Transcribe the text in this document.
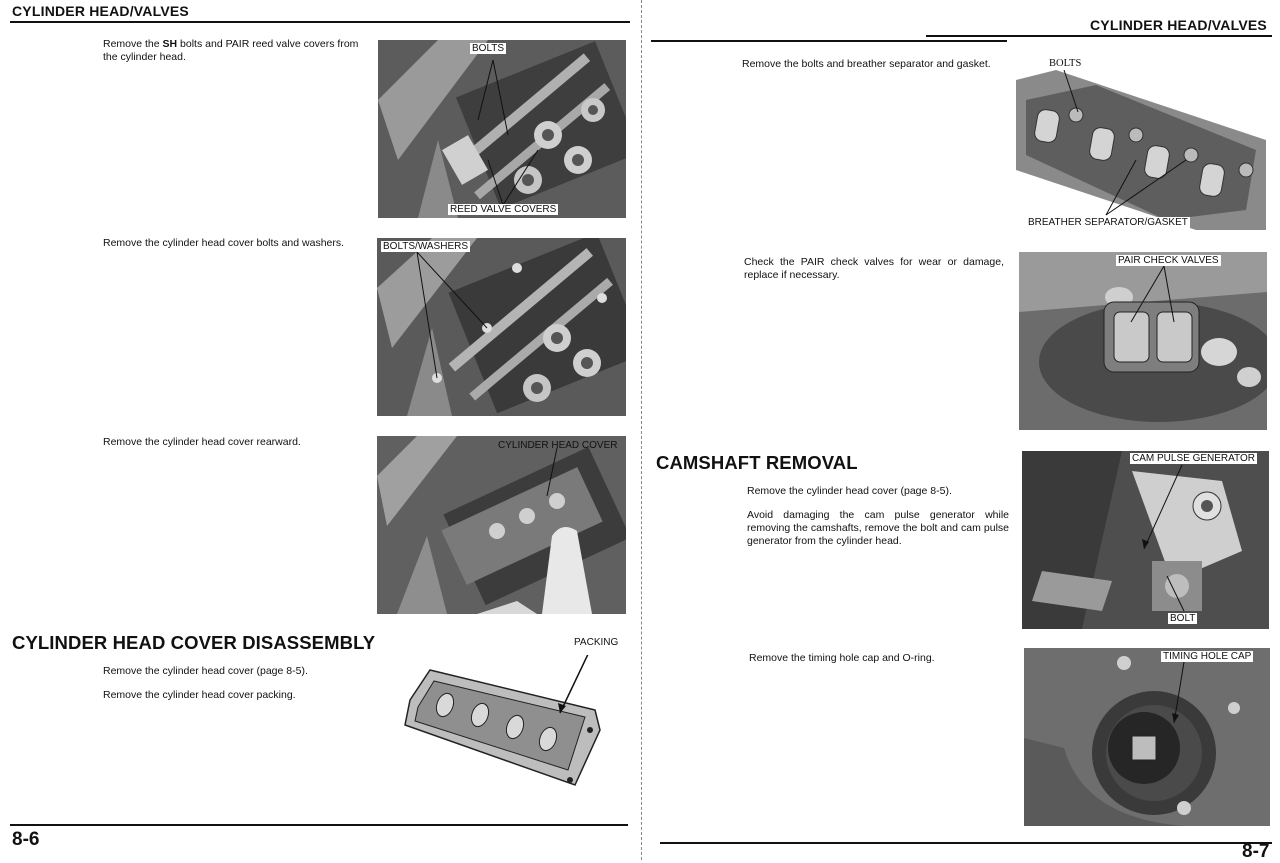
CYLINDER HEAD/VALVES
Remove the SH bolts and PAIR reed valve covers from the cylinder head.
BOLTS
REED VALVE COVERS
Remove the cylinder head cover bolts and washers.	BOLTS/WASHERS
Remove the cylinder head cover rearward.	CYLINDER HEAD COVER
CYLINDER HEAD COVER DISASSEMBLY
Remove the cylinder head cover (page 8-5).
Remove the cylinder head cover packing.
PACKING
8-6
CYLINDER HEAD/VALVES
Remove the bolts and breather separator and gasket.	BOLTS
BREATHER SEPARATOR/GASKET
Check the PAIR check valves for wear or damage, replace if necessary.
PAIR CHECK VALVES
CAMSHAFT REMOVAL
Remove the cylinder head cover (page 8-5).
Avoid damaging the cam pulse generator while removing the camshafts, remove the bolt and cam pulse generator from the cylinder head.
CAM PULSE GENERATOR
BOLT
Remove the timing hole cap and O-ring.	TIMING HOLE CAP
8-7
